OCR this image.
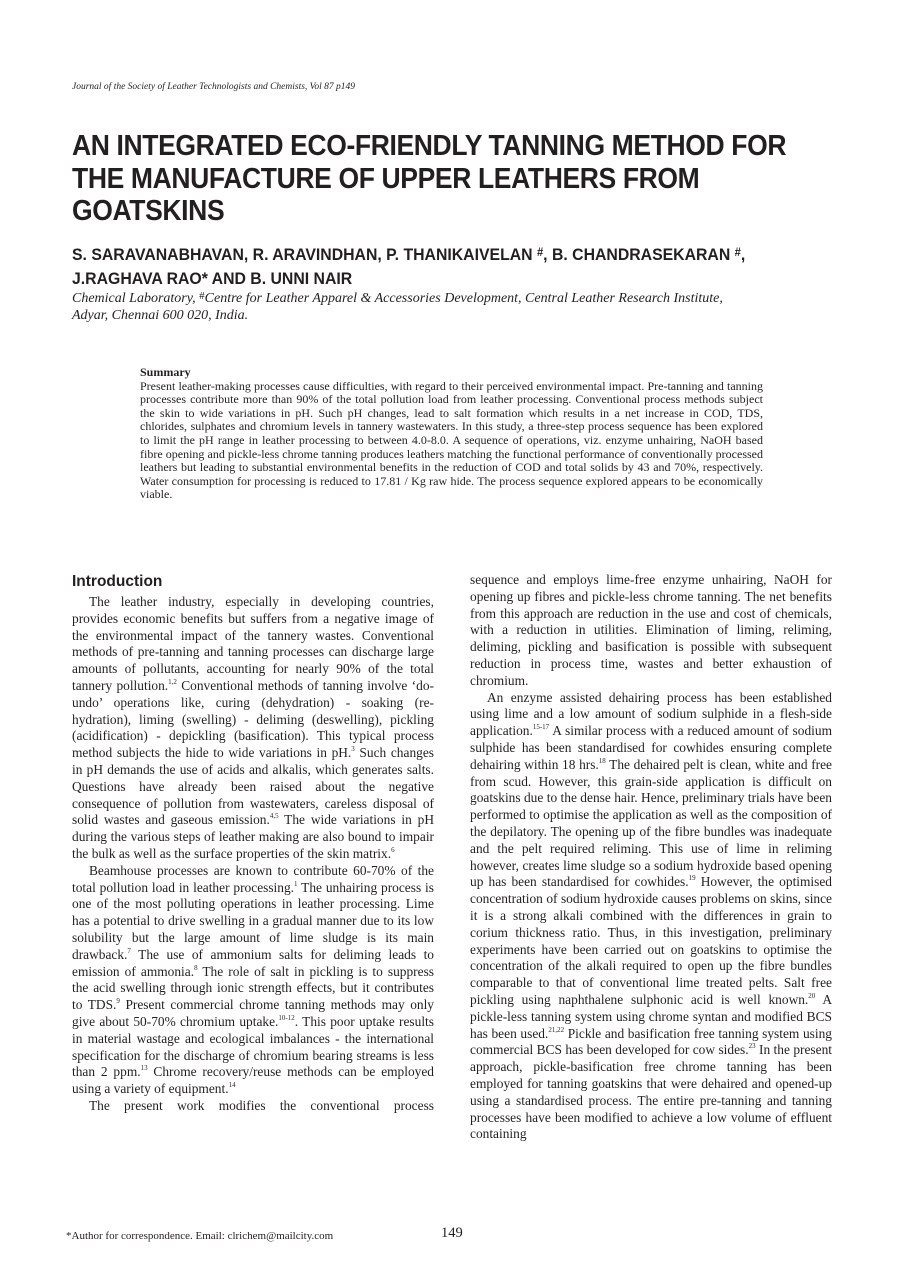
Journal of the Society of Leather Technologists and Chemists, Vol 87 p149
AN INTEGRATED ECO-FRIENDLY TANNING METHOD FOR THE MANUFACTURE OF UPPER LEATHERS FROM GOATSKINS
S. SARAVANABHAVAN, R. ARAVINDHAN, P. THANIKAIVELAN #, B. CHANDRASEKARAN #,
J.RAGHAVA RAO* AND B. UNNI NAIR
Chemical Laboratory, #Centre for Leather Apparel & Accessories Development, Central Leather Research Institute,
Adyar, Chennai 600 020, India.
Summary
Present leather-making processes cause difficulties, with regard to their perceived environmental impact. Pre-tanning and tanning processes contribute more than 90% of the total pollution load from leather processing. Conventional process methods subject the skin to wide variations in pH. Such pH changes, lead to salt formation which results in a net increase in COD, TDS, chlorides, sulphates and chromium levels in tannery wastewaters. In this study, a three-step process sequence has been explored to limit the pH range in leather processing to between 4.0-8.0. A sequence of operations, viz. enzyme unhairing, NaOH based fibre opening and pickle-less chrome tanning produces leathers matching the functional performance of conventionally processed leathers but leading to substantial environmental benefits in the reduction of COD and total solids by 43 and 70%, respectively. Water consumption for processing is reduced to 17.81 / Kg raw hide. The process sequence explored appears to be economically viable.
Introduction

The leather industry, especially in developing countries, provides economic benefits but suffers from a negative image of the environmental impact of the tannery wastes. Conventional methods of pre-tanning and tanning processes can discharge large amounts of pollutants, accounting for nearly 90% of the total tannery pollution.$^{1,2}$ Conventional methods of tanning involve ‘do-undo’ operations like, curing (dehydration) - soaking (re-hydration), liming (swelling) - deliming (deswelling), pickling (acidification) - depickling (basification). This typical process method subjects the hide to wide variations in pH.$^3$ Such changes in pH demands the use of acids and alkalis, which generates salts. Questions have already been raised about the negative consequence of pollution from wastewaters, careless disposal of solid wastes and gaseous emission.$^{4,5}$ The wide variations in pH during the various steps of leather making are also bound to impair the bulk as well as the surface properties of the skin matrix.$^6$

Beamhouse processes are known to contribute 60-70% of the total pollution load in leather processing.$^1$ The unhairing process is one of the most polluting operations in leather processing. Lime has a potential to drive swelling in a gradual manner due to its low solubility but the large amount of lime sludge is its main drawback.$^7$ The use of ammonium salts for deliming leads to emission of ammonia.$^8$ The role of salt in pickling is to suppress the acid swelling through ionic strength effects, but it contributes to TDS.$^9$ Present commercial chrome tanning methods may only give about 50-70% chromium uptake.$^{10-12}$. This poor uptake results in material wastage and ecological imbalances - the international specification for the discharge of chromium bearing streams is less than 2 ppm.$^{13}$ Chrome recovery/reuse methods can be employed using a variety of equipment.$^{14}$

The present work modifies the conventional process

sequence and employs lime-free enzyme unhairing, NaOH for opening up fibres and pickle-less chrome tanning. The net benefits from this approach are reduction in the use and cost of chemicals, with a reduction in utilities. Elimination of liming, reliming, deliming, pickling and basification is possible with subsequent reduction in process time, wastes and better exhaustion of chromium.

An enzyme assisted dehairing process has been established using lime and a low amount of sodium sulphide in a flesh-side application.$^{15-17}$ A similar process with a reduced amount of sodium sulphide has been standardised for cowhides ensuring complete dehairing within 18 hrs.$^{18}$ The dehaired pelt is clean, white and free from scud. However, this grain-side application is difficult on goatskins due to the dense hair. Hence, preliminary trials have been performed to optimise the application as well as the composition of the depilatory. The opening up of the fibre bundles was inadequate and the pelt required reliming. This use of lime in reliming however, creates lime sludge so a sodium hydroxide based opening up has been standardised for cowhides.$^{19}$ However, the optimised concentration of sodium hydroxide causes problems on skins, since it is a strong alkali combined with the differences in grain to corium thickness ratio. Thus, in this investigation, preliminary experiments have been carried out on goatskins to optimise the concentration of the alkali required to open up the fibre bundles comparable to that of conventional lime treated pelts. Salt free pickling using naphthalene sulphonic acid is well known.$^{20}$ A pickle-less tanning system using chrome syntan and modified BCS has been used.$^{21,22}$ Pickle and basification free tanning system using commercial BCS has been developed for cow sides.$^{23}$ In the present approach, pickle-basification free chrome tanning has been employed for tanning goatskins that were dehaired and opened-up using a standardised process. The entire pre-tanning and tanning processes have been modified to achieve a low volume of effluent containing

*Author for correspondence. Email: clrichem@mailcity.com	149
